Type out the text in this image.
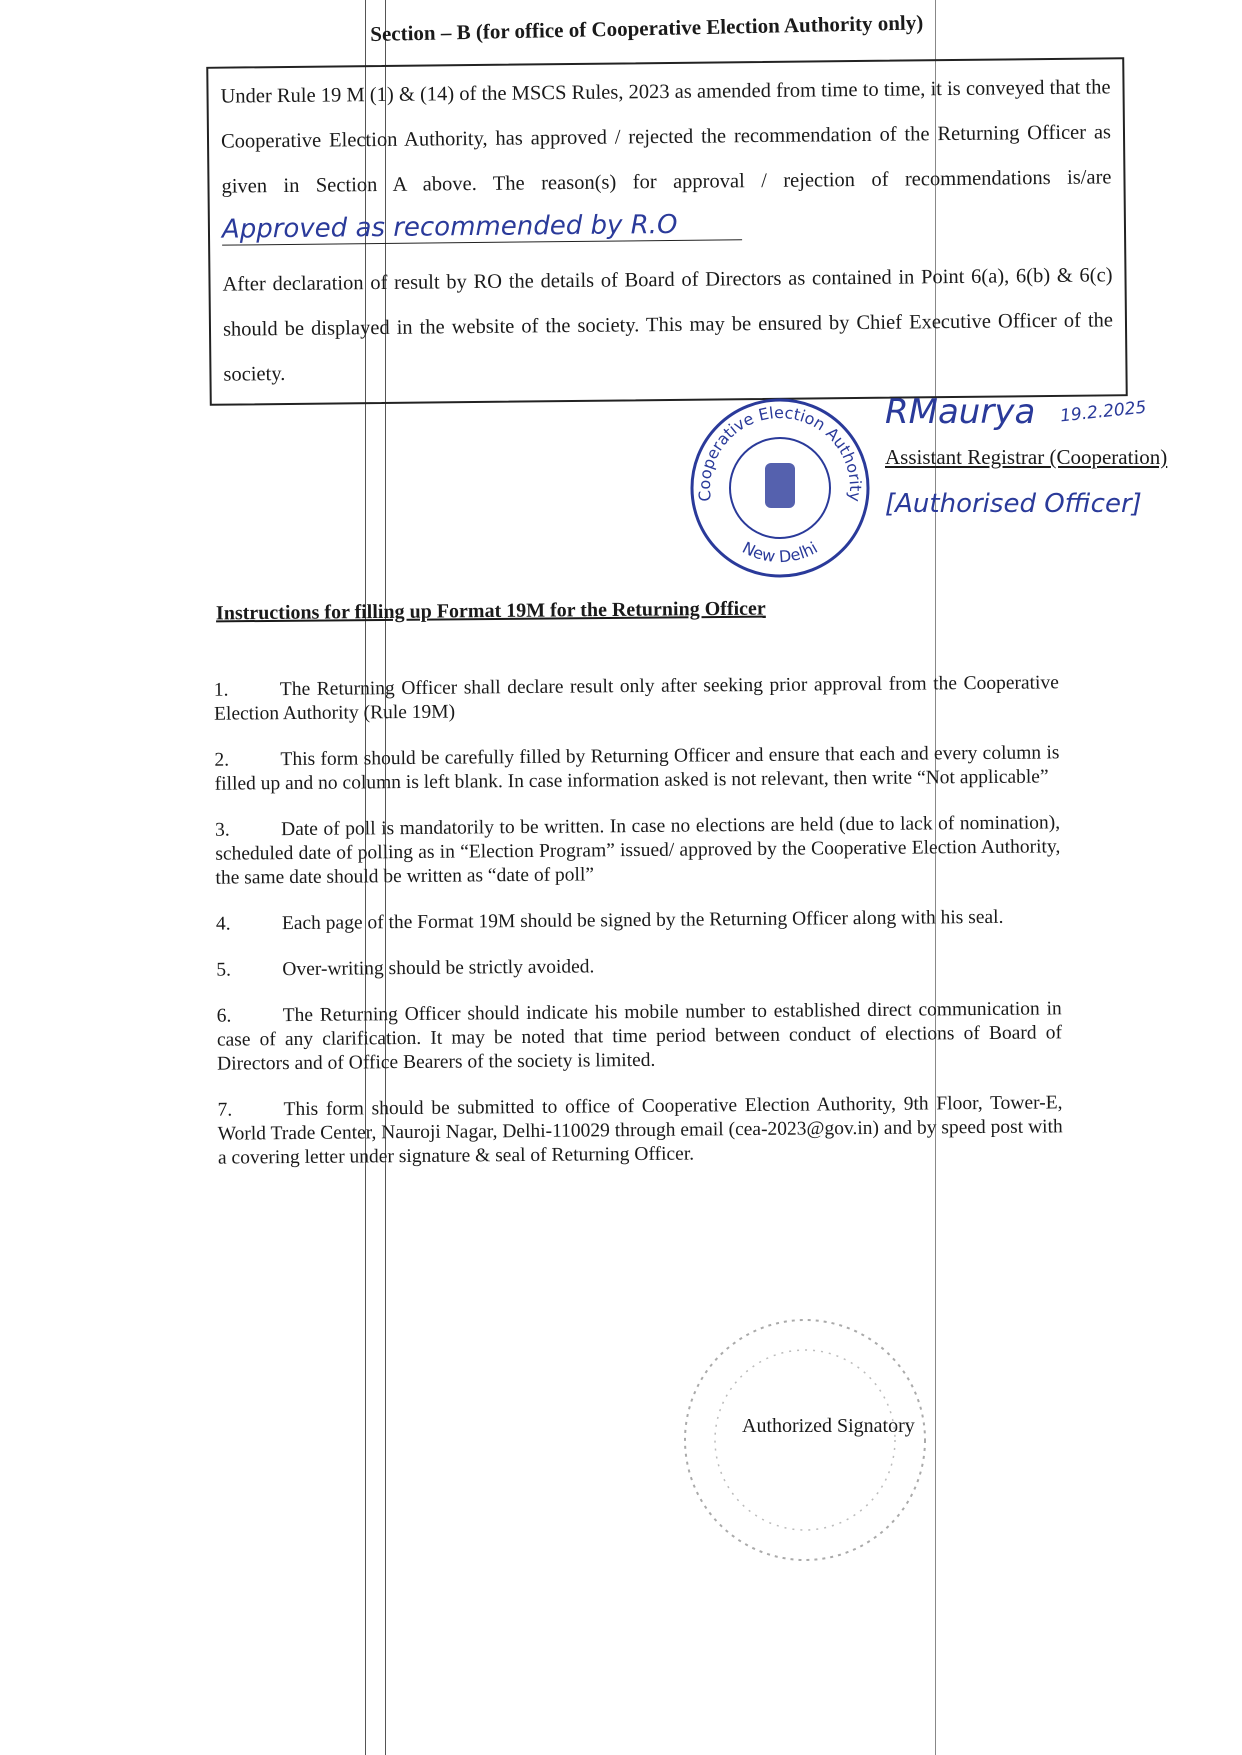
Section – B (for office of Cooperative Election Authority only)

Under Rule 19 M (1) & (14) of the MSCS Rules, 2023 as amended from time to time, it is conveyed that the Cooperative Election Authority, has approved / rejected the recommendation of the Returning Officer as given in Section A above. The reason(s) for approval / rejection of recommendations is/are Approved as recommended by R.O

After declaration of result by RO the details of Board of Directors as contained in Point 6(a), 6(b) & 6(c) should be displayed in the website of the society. This may be ensured by Chief Executive Officer of the society.

Cooperative Election Authority
New Delhi
RMaurya 19.2.2025
Assistant Registrar (Cooperation)
[Authorised Officer]
Instructions for filling up Format 19M for the Returning Officer
1.	The Returning Officer shall declare result only after seeking prior approval from the Cooperative Election Authority (Rule 19M)
2.	This form should be carefully filled by Returning Officer and ensure that each and every column is filled up and no column is left blank. In case information asked is not relevant, then write “Not applicable”
3.	Date of poll is mandatorily to be written. In case no elections are held (due to lack of nomination), scheduled date of polling as in “Election Program” issued/ approved by the Cooperative Election Authority, the same date should be written as “date of poll”
4.	Each page of the Format 19M should be signed by the Returning Officer along with his seal.
5.	Over-writing should be strictly avoided.
6.	The Returning Officer should indicate his mobile number to established direct communication in case of any clarification. It may be noted that time period between conduct of elections of Board of Directors and of Office Bearers of the society is limited.
7.	This form should be submitted to office of Cooperative Election Authority, 9th Floor, Tower-E, World Trade Center, Nauroji Nagar, Delhi-110029 through email (cea-2023@gov.in) and by speed post with a covering letter under signature & seal of Returning Officer.
Authorized Signatory
